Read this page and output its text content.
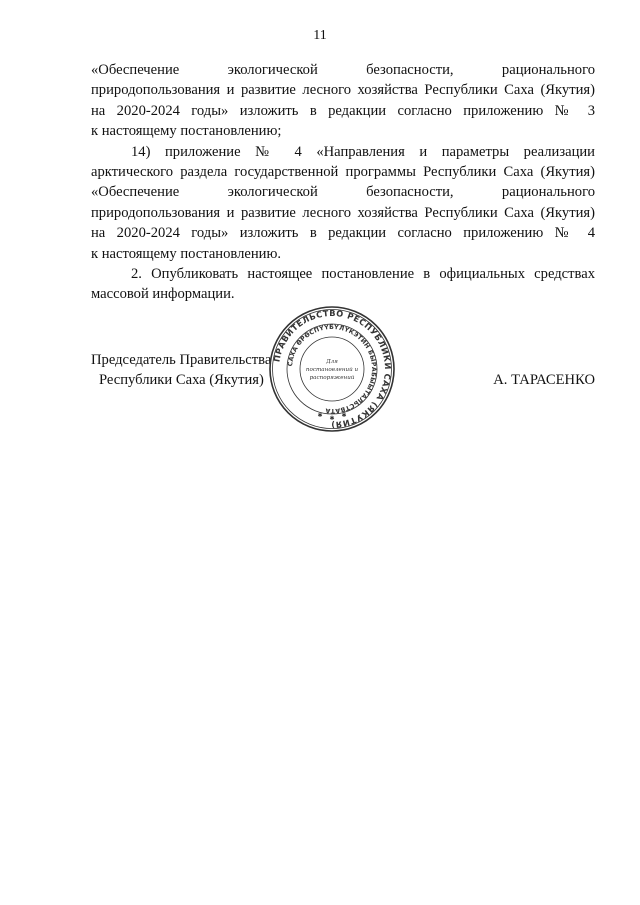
11
«Обеспечение экологической безопасности, рационального
природопользования и развитие лесного хозяйства Республики Саха (Якутия)
на 2020-2024 годы» изложить в редакции согласно приложению № 3
к настоящему постановлению;
14) приложение № 4 «Направления и параметры реализации
арктического раздела государственной программы Республики Саха (Якутия)
«Обеспечение экологической безопасности, рационального
природопользования и развитие лесного хозяйства Республики Саха (Якутия)
на 2020-2024 годы» изложить в редакции согласно приложению № 4
к настоящему постановлению.
2. Опубликовать настоящее постановление в официальных средствах
массовой информации.
Председатель Правительства
Республики Саха (Якутия)	А. ТАРАСЕНКО
ПРАВИТЕЛЬСТВО РЕСПУБЛИКИ САХА (ЯКУТИЯ)
САХА ӨРӨСПҮҮБҮЛҮКЭТИН БЫРАБЫЫТАЛЬСТВАТА
Для
постановлений и
распоряжений
✱ ✱ ✱
